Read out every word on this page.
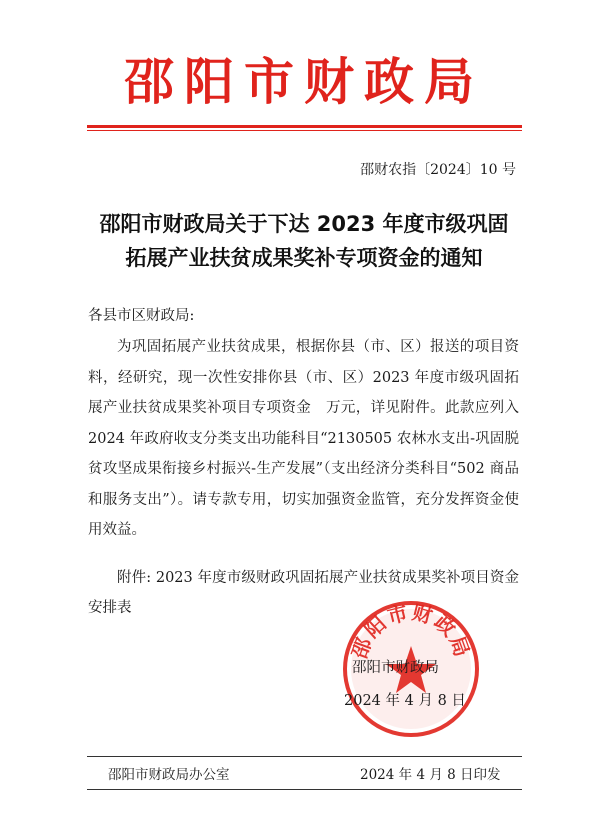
邵阳市财政局
邵财农指〔2024〕10 号
邵阳市财政局关于下达 2023 年度市级巩固
拓展产业扶贫成果奖补专项资金的通知
各县市区财政局:
为巩固拓展产业扶贫成果，根据你县（市、区）报送的项目资料，经研究，现一次性安排你县（市、区）2023 年度市级巩固拓展产业扶贫成果奖补项目专项资金　万元，详见附件。此款应列入 2024 年政府收支分类支出功能科目“2130505 农林水支出-巩固脱贫攻坚成果衔接乡村振兴-生产发展”（支出经济分类科目“502 商品和服务支出”）。请专款专用，切实加强资金监管，充分发挥资金使用效益。
附件: 2023 年度市级财政巩固拓展产业扶贫成果奖补项目资金安排表
邵阳市财政局
邵阳市财政局
2024 年 4 月 8 日
邵阳市财政局办公室	2024 年 4 月 8 日印发
